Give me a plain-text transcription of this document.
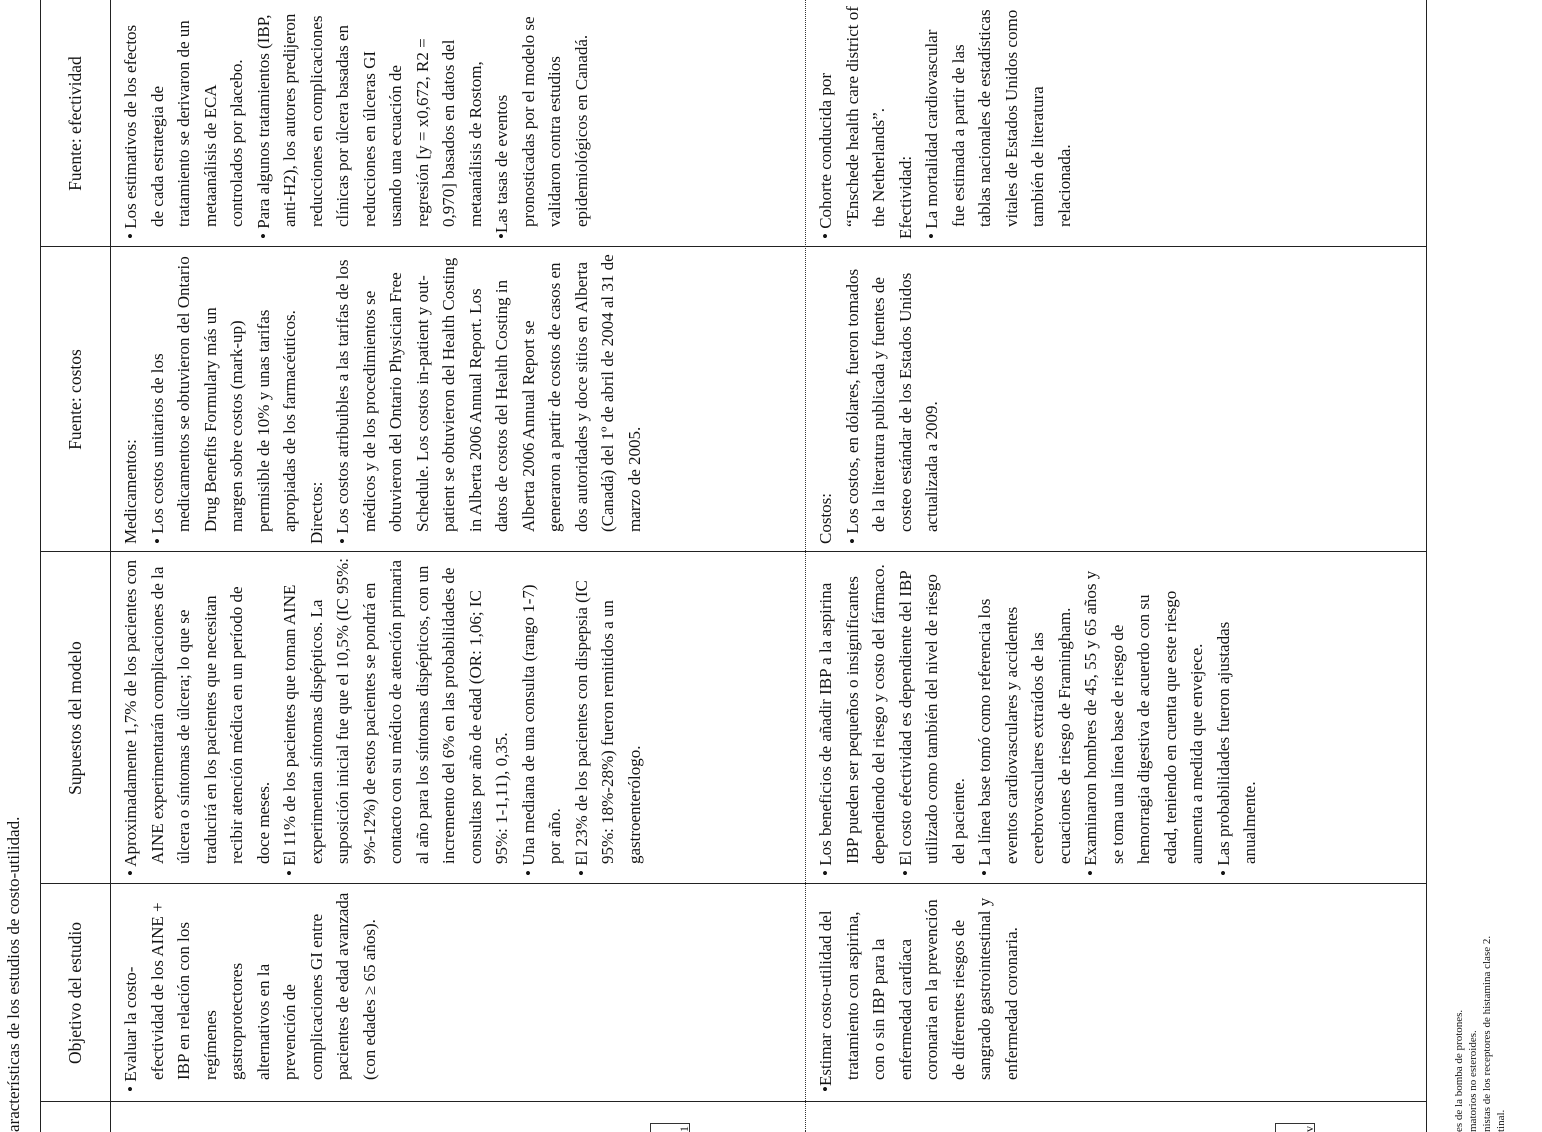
aracterísticas de los estudios de costo-utilidad.	Objetivo del estudio
Supuestos del modelo
Fuente: costos
Fuente: efectividad
1	v

• Evaluar la costo-efectividad de los AINE + IBP en relación con los regímenes gastroprotectores alternativos en la prevención de complicaciones GI entre pacientes de edad avanzada (con edades ≥ 65 años).

• Aproximadamente 1,7% de los pacientes con AINE experimentarán complicaciones de la úlcera o síntomas de úlcera; lo que se traducirá en los pacientes que necesitan recibir atención médica en un período de doce meses. • El 11% de los pacientes que toman AINE experimentan síntomas dispépticos. La suposición inicial fue que el 10,5% (IC 95%: 9%-12%) de estos pacientes se pondrá en contacto con su médico de atención primaria al año para los síntomas dispépticos, con un incremento del 6% en las probabilidades de consultas por año de edad (OR: 1,06; IC 95%: 1-1,11), 0,35. • Una mediana de una consulta (rango 1-7) por año. • El 23% de los pacientes con dispepsia (IC 95%: 18%-28%) fueron remitidos a un gastroenterólogo.

Medicamentos: • Los costos unitarios de los medicamentos se obtuvieron del Ontario Drug Benefits Formulary más un margen sobre costos (mark-up) permisible de 10% y unas tarifas apropiadas de los farmacéuticos. Directos: • Los costos atribuibles a las tarifas de los médicos y de los procedimientos se obtuvieron del Ontario Physician Free Schedule. Los costos in-patient y out-patient se obtuvieron del Health Costing in Alberta 2006 Annual Report. Los datos de costos del Health Costing in Alberta 2006 Annual Report se generaron a partir de costos de casos en dos autoridades y doce sitios en Alberta (Canadá) del 1º de abril de 2004 al 31 de marzo de 2005.

• Los estimativos de los efectos de cada estrategia de tratamiento se derivaron de un metaanálisis de ECA controlados por placebo. • Para algunos tratamientos (IBP, anti-H2), los autores predijeron reducciones en complicaciones clínicas por úlcera basadas en reducciones en úlceras GI usando una ecuación de regresión [y = x0,672, R2 = 0,970] basados en datos del metaanálisis de Rostom, •Las tasas de eventos pronosticadas por el modelo se validaron contra estudios epidemiológicos en Canadá.

•Estimar costo-utilidad del tratamiento con aspirina, con o sin IBP para la enfermedad cardíaca coronaria en la prevención de diferentes riesgos de sangrado gastrointestinal y enfermedad coronaria.

• Los beneficios de añadir IBP a la aspirina IBP pueden ser pequeños o insignificantes dependiendo del riesgo y costo del fármaco. • El costo efectividad es dependiente del IBP utilizado como también del nivel de riesgo del paciente. • La línea base tomó como referencia los eventos cardiovasculares y accidentes cerebrovasculares extraídos de las ecuaciones de riesgo de Framingham. • Examinaron hombres de 45, 55 y 65 años y se toma una línea base de riesgo de hemorragia digestiva de acuerdo con su edad, teniendo en cuenta que este riesgo aumenta a medida que envejece. • Las probabilidades fueron ajustadas anualmente.

Costos: • Los costos, en dólares, fueron tomados de la literatura publicada y fuentes de costeo estándar de los Estados Unidos actualizada a 2009.

• Cohorte conducida por “Enschede health care district of the Netherlands”. Efectividad: • La mortalidad cardiovascular fue estimada a partir de las tablas nacionales de estadísticas vitales de Estados Unidos como también de literatura relacionada.

es de la bomba de protones. matorios no esteroides. nistas de los receptores de histamina clase 2. tinal.
